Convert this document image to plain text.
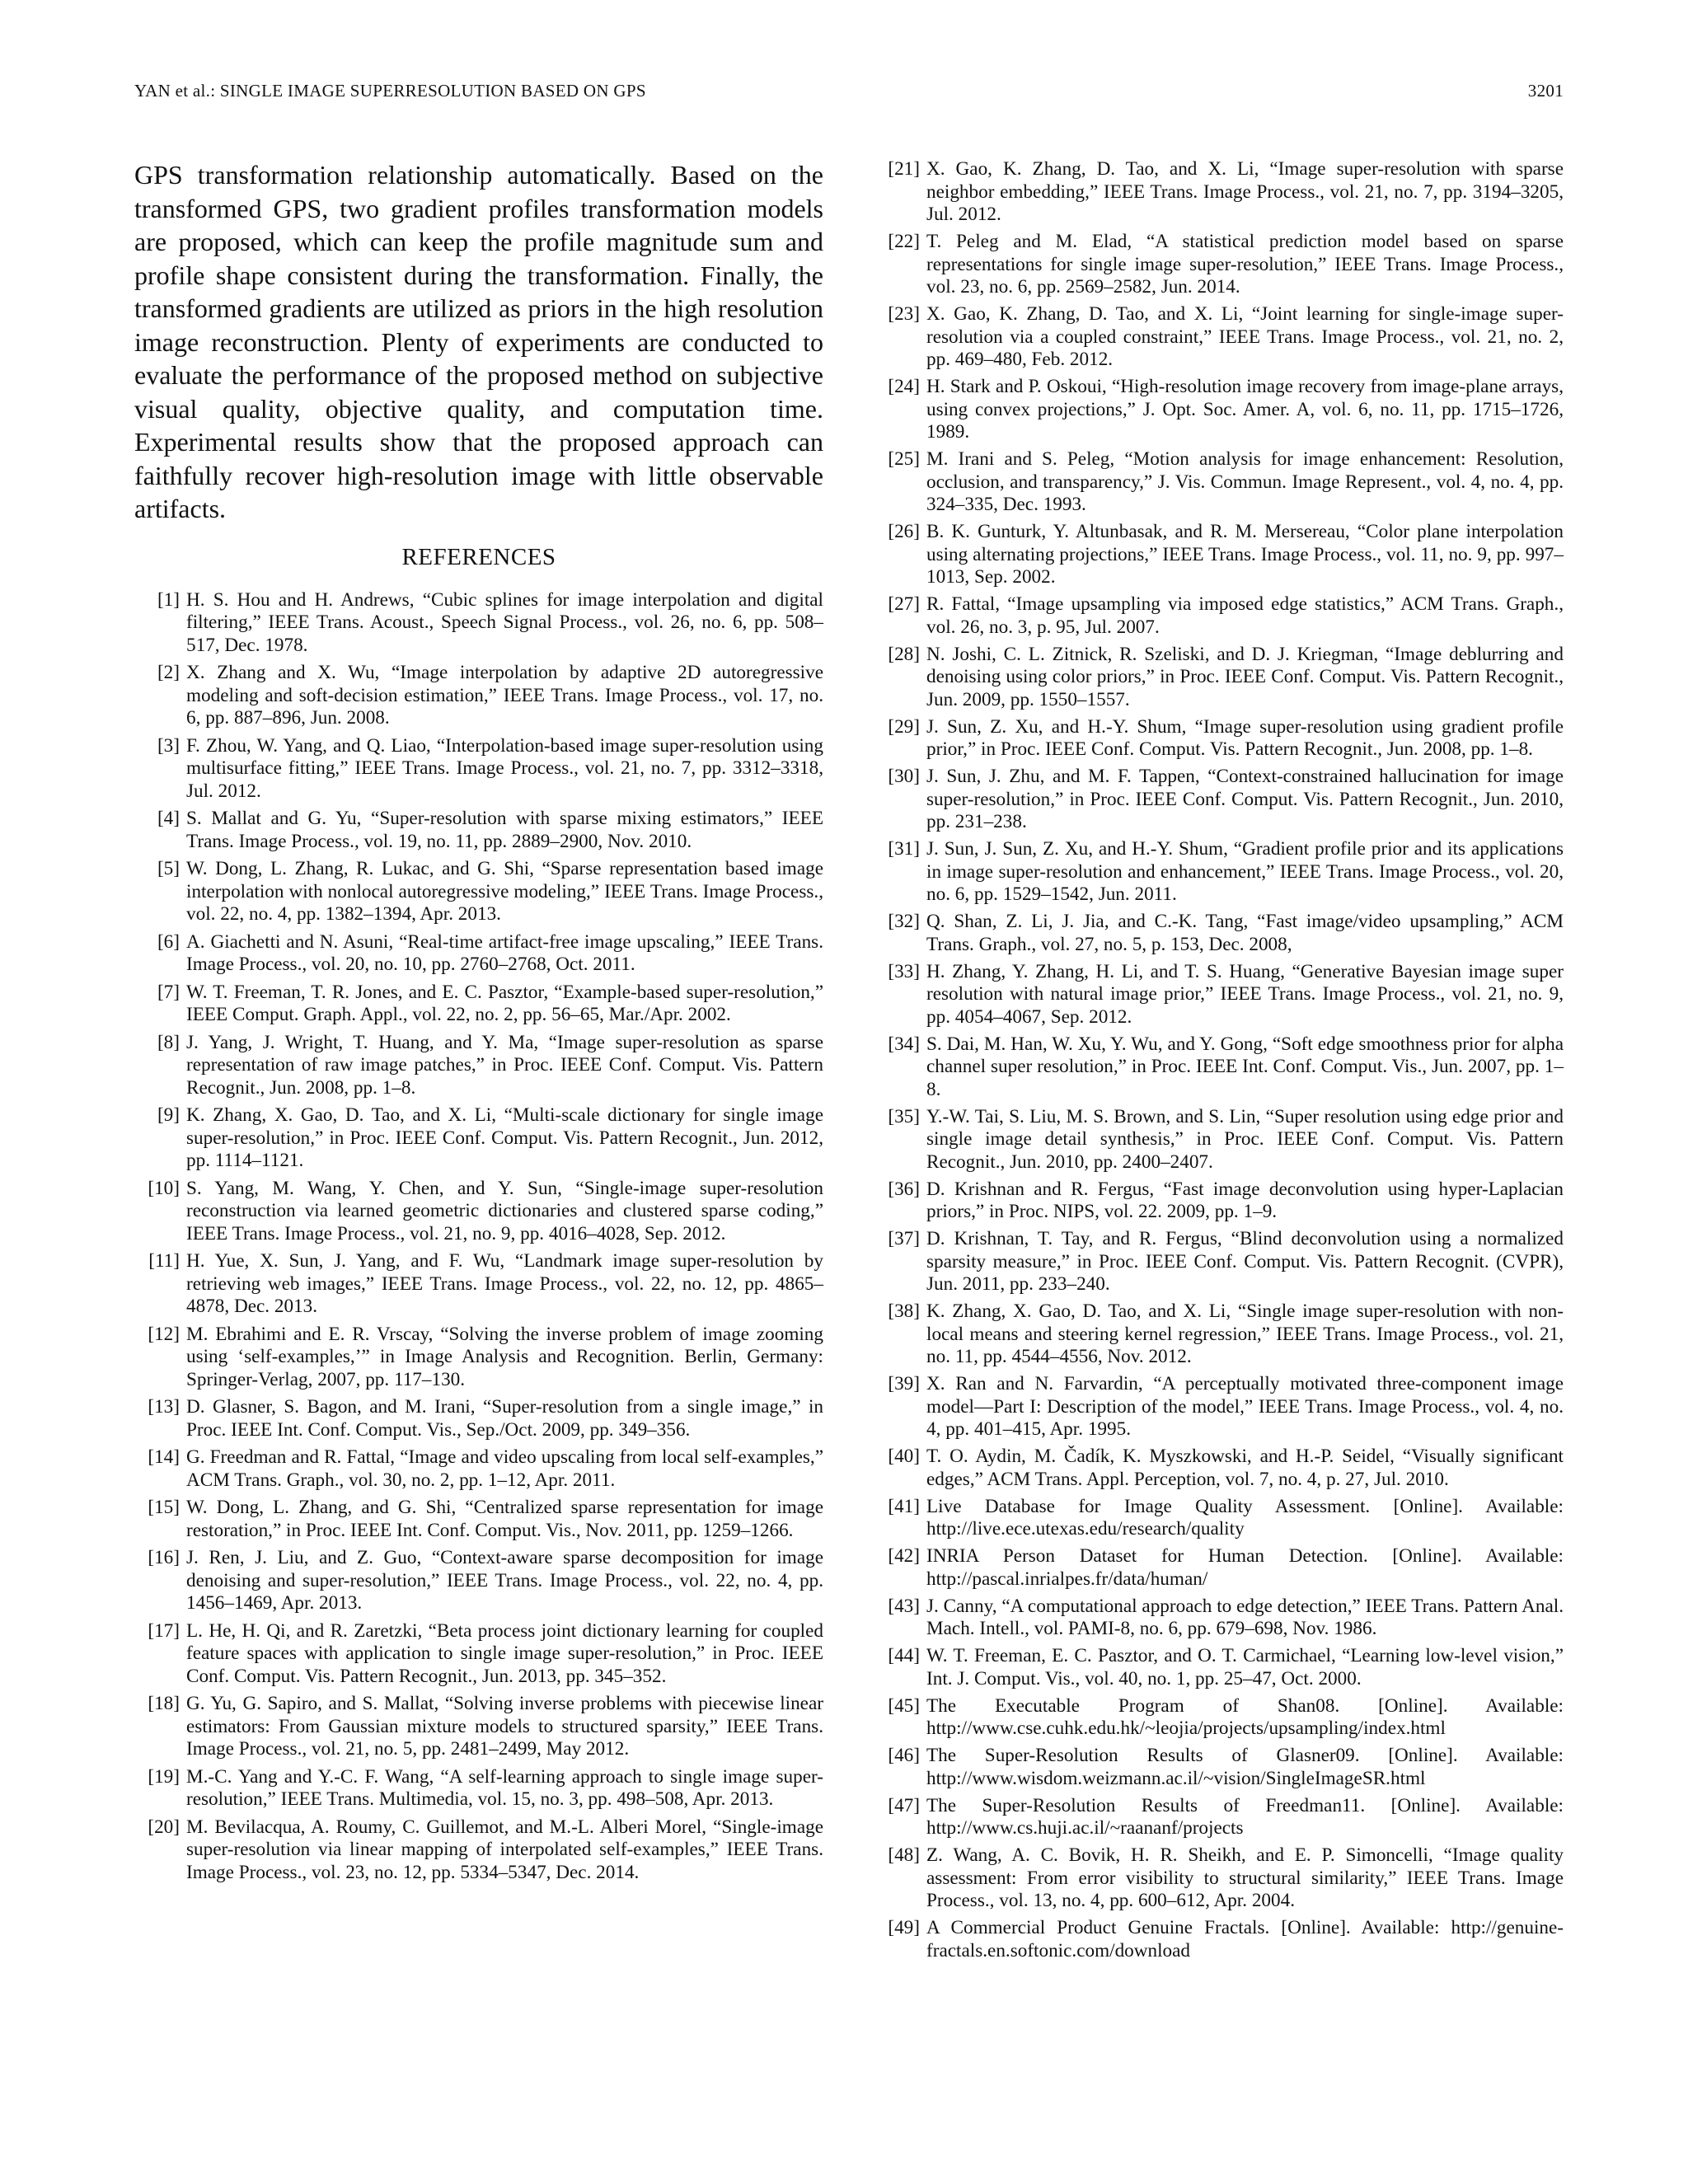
YAN et al.: SINGLE IMAGE SUPERRESOLUTION BASED ON GPS	3201

GPS transformation relationship automatically. Based on the transformed GPS, two gradient profiles transformation models are proposed, which can keep the profile magnitude sum and profile shape consistent during the transformation. Finally, the transformed gradients are utilized as priors in the high resolution image reconstruction. Plenty of experiments are conducted to evaluate the performance of the proposed method on subjective visual quality, objective quality, and computation time. Experimental results show that the proposed approach can faithfully recover high-resolution image with little observable artifacts.

REFERENCES
[1] H. S. Hou and H. Andrews, “Cubic splines for image interpolation and digital filtering,” IEEE Trans. Acoust., Speech Signal Process., vol. 26, no. 6, pp. 508–517, Dec. 1978.
[2] X. Zhang and X. Wu, “Image interpolation by adaptive 2D autoregressive modeling and soft-decision estimation,” IEEE Trans. Image Process., vol. 17, no. 6, pp. 887–896, Jun. 2008.
[3] F. Zhou, W. Yang, and Q. Liao, “Interpolation-based image super-resolution using multisurface fitting,” IEEE Trans. Image Process., vol. 21, no. 7, pp. 3312–3318, Jul. 2012.
[4] S. Mallat and G. Yu, “Super-resolution with sparse mixing estimators,” IEEE Trans. Image Process., vol. 19, no. 11, pp. 2889–2900, Nov. 2010.
[5] W. Dong, L. Zhang, R. Lukac, and G. Shi, “Sparse representation based image interpolation with nonlocal autoregressive modeling,” IEEE Trans. Image Process., vol. 22, no. 4, pp. 1382–1394, Apr. 2013.
[6] A. Giachetti and N. Asuni, “Real-time artifact-free image upscaling,” IEEE Trans. Image Process., vol. 20, no. 10, pp. 2760–2768, Oct. 2011.
[7] W. T. Freeman, T. R. Jones, and E. C. Pasztor, “Example-based super-resolution,” IEEE Comput. Graph. Appl., vol. 22, no. 2, pp. 56–65, Mar./Apr. 2002.
[8] J. Yang, J. Wright, T. Huang, and Y. Ma, “Image super-resolution as sparse representation of raw image patches,” in Proc. IEEE Conf. Comput. Vis. Pattern Recognit., Jun. 2008, pp. 1–8.
[9] K. Zhang, X. Gao, D. Tao, and X. Li, “Multi-scale dictionary for single image super-resolution,” in Proc. IEEE Conf. Comput. Vis. Pattern Recognit., Jun. 2012, pp. 1114–1121.
[10] S. Yang, M. Wang, Y. Chen, and Y. Sun, “Single-image super-resolution reconstruction via learned geometric dictionaries and clustered sparse coding,” IEEE Trans. Image Process., vol. 21, no. 9, pp. 4016–4028, Sep. 2012.
[11] H. Yue, X. Sun, J. Yang, and F. Wu, “Landmark image super-resolution by retrieving web images,” IEEE Trans. Image Process., vol. 22, no. 12, pp. 4865–4878, Dec. 2013.
[12] M. Ebrahimi and E. R. Vrscay, “Solving the inverse problem of image zooming using ‘self-examples,’” in Image Analysis and Recognition. Berlin, Germany: Springer-Verlag, 2007, pp. 117–130.
[13] D. Glasner, S. Bagon, and M. Irani, “Super-resolution from a single image,” in Proc. IEEE Int. Conf. Comput. Vis., Sep./Oct. 2009, pp. 349–356.
[14] G. Freedman and R. Fattal, “Image and video upscaling from local self-examples,” ACM Trans. Graph., vol. 30, no. 2, pp. 1–12, Apr. 2011.
[15] W. Dong, L. Zhang, and G. Shi, “Centralized sparse representation for image restoration,” in Proc. IEEE Int. Conf. Comput. Vis., Nov. 2011, pp. 1259–1266.
[16] J. Ren, J. Liu, and Z. Guo, “Context-aware sparse decomposition for image denoising and super-resolution,” IEEE Trans. Image Process., vol. 22, no. 4, pp. 1456–1469, Apr. 2013.
[17] L. He, H. Qi, and R. Zaretzki, “Beta process joint dictionary learning for coupled feature spaces with application to single image super-resolution,” in Proc. IEEE Conf. Comput. Vis. Pattern Recognit., Jun. 2013, pp. 345–352.
[18] G. Yu, G. Sapiro, and S. Mallat, “Solving inverse problems with piecewise linear estimators: From Gaussian mixture models to structured sparsity,” IEEE Trans. Image Process., vol. 21, no. 5, pp. 2481–2499, May 2012.
[19] M.-C. Yang and Y.-C. F. Wang, “A self-learning approach to single image super-resolution,” IEEE Trans. Multimedia, vol. 15, no. 3, pp. 498–508, Apr. 2013.
[20] M. Bevilacqua, A. Roumy, C. Guillemot, and M.-L. Alberi Morel, “Single-image super-resolution via linear mapping of interpolated self-examples,” IEEE Trans. Image Process., vol. 23, no. 12, pp. 5334–5347, Dec. 2014.
[21] X. Gao, K. Zhang, D. Tao, and X. Li, “Image super-resolution with sparse neighbor embedding,” IEEE Trans. Image Process., vol. 21, no. 7, pp. 3194–3205, Jul. 2012.
[22] T. Peleg and M. Elad, “A statistical prediction model based on sparse representations for single image super-resolution,” IEEE Trans. Image Process., vol. 23, no. 6, pp. 2569–2582, Jun. 2014.
[23] X. Gao, K. Zhang, D. Tao, and X. Li, “Joint learning for single-image super-resolution via a coupled constraint,” IEEE Trans. Image Process., vol. 21, no. 2, pp. 469–480, Feb. 2012.
[24] H. Stark and P. Oskoui, “High-resolution image recovery from image-plane arrays, using convex projections,” J. Opt. Soc. Amer. A, vol. 6, no. 11, pp. 1715–1726, 1989.
[25] M. Irani and S. Peleg, “Motion analysis for image enhancement: Resolution, occlusion, and transparency,” J. Vis. Commun. Image Represent., vol. 4, no. 4, pp. 324–335, Dec. 1993.
[26] B. K. Gunturk, Y. Altunbasak, and R. M. Mersereau, “Color plane interpolation using alternating projections,” IEEE Trans. Image Process., vol. 11, no. 9, pp. 997–1013, Sep. 2002.
[27] R. Fattal, “Image upsampling via imposed edge statistics,” ACM Trans. Graph., vol. 26, no. 3, p. 95, Jul. 2007.
[28] N. Joshi, C. L. Zitnick, R. Szeliski, and D. J. Kriegman, “Image deblurring and denoising using color priors,” in Proc. IEEE Conf. Comput. Vis. Pattern Recognit., Jun. 2009, pp. 1550–1557.
[29] J. Sun, Z. Xu, and H.-Y. Shum, “Image super-resolution using gradient profile prior,” in Proc. IEEE Conf. Comput. Vis. Pattern Recognit., Jun. 2008, pp. 1–8.
[30] J. Sun, J. Zhu, and M. F. Tappen, “Context-constrained hallucination for image super-resolution,” in Proc. IEEE Conf. Comput. Vis. Pattern Recognit., Jun. 2010, pp. 231–238.
[31] J. Sun, J. Sun, Z. Xu, and H.-Y. Shum, “Gradient profile prior and its applications in image super-resolution and enhancement,” IEEE Trans. Image Process., vol. 20, no. 6, pp. 1529–1542, Jun. 2011.
[32] Q. Shan, Z. Li, J. Jia, and C.-K. Tang, “Fast image/video upsampling,” ACM Trans. Graph., vol. 27, no. 5, p. 153, Dec. 2008,
[33] H. Zhang, Y. Zhang, H. Li, and T. S. Huang, “Generative Bayesian image super resolution with natural image prior,” IEEE Trans. Image Process., vol. 21, no. 9, pp. 4054–4067, Sep. 2012.
[34] S. Dai, M. Han, W. Xu, Y. Wu, and Y. Gong, “Soft edge smoothness prior for alpha channel super resolution,” in Proc. IEEE Int. Conf. Comput. Vis., Jun. 2007, pp. 1–8.
[35] Y.-W. Tai, S. Liu, M. S. Brown, and S. Lin, “Super resolution using edge prior and single image detail synthesis,” in Proc. IEEE Conf. Comput. Vis. Pattern Recognit., Jun. 2010, pp. 2400–2407.
[36] D. Krishnan and R. Fergus, “Fast image deconvolution using hyper-Laplacian priors,” in Proc. NIPS, vol. 22. 2009, pp. 1–9.
[37] D. Krishnan, T. Tay, and R. Fergus, “Blind deconvolution using a normalized sparsity measure,” in Proc. IEEE Conf. Comput. Vis. Pattern Recognit. (CVPR), Jun. 2011, pp. 233–240.
[38] K. Zhang, X. Gao, D. Tao, and X. Li, “Single image super-resolution with non-local means and steering kernel regression,” IEEE Trans. Image Process., vol. 21, no. 11, pp. 4544–4556, Nov. 2012.
[39] X. Ran and N. Farvardin, “A perceptually motivated three-component image model—Part I: Description of the model,” IEEE Trans. Image Process., vol. 4, no. 4, pp. 401–415, Apr. 1995.
[40] T. O. Aydin, M. Čadík, K. Myszkowski, and H.-P. Seidel, “Visually significant edges,” ACM Trans. Appl. Perception, vol. 7, no. 4, p. 27, Jul. 2010.
[41] Live Database for Image Quality Assessment. [Online]. Available: http://live.ece.utexas.edu/research/quality
[42] INRIA Person Dataset for Human Detection. [Online]. Available: http://pascal.inrialpes.fr/data/human/
[43] J. Canny, “A computational approach to edge detection,” IEEE Trans. Pattern Anal. Mach. Intell., vol. PAMI-8, no. 6, pp. 679–698, Nov. 1986.
[44] W. T. Freeman, E. C. Pasztor, and O. T. Carmichael, “Learning low-level vision,” Int. J. Comput. Vis., vol. 40, no. 1, pp. 25–47, Oct. 2000.
[45] The Executable Program of Shan08. [Online]. Available: http://www.cse.cuhk.edu.hk/~leojia/projects/upsampling/index.html
[46] The Super-Resolution Results of Glasner09. [Online]. Available: http://www.wisdom.weizmann.ac.il/~vision/SingleImageSR.html
[47] The Super-Resolution Results of Freedman11. [Online]. Available: http://www.cs.huji.ac.il/~raananf/projects
[48] Z. Wang, A. C. Bovik, H. R. Sheikh, and E. P. Simoncelli, “Image quality assessment: From error visibility to structural similarity,” IEEE Trans. Image Process., vol. 13, no. 4, pp. 600–612, Apr. 2004.
[49] A Commercial Product Genuine Fractals. [Online]. Available: http://genuine-fractals.en.softonic.com/download
